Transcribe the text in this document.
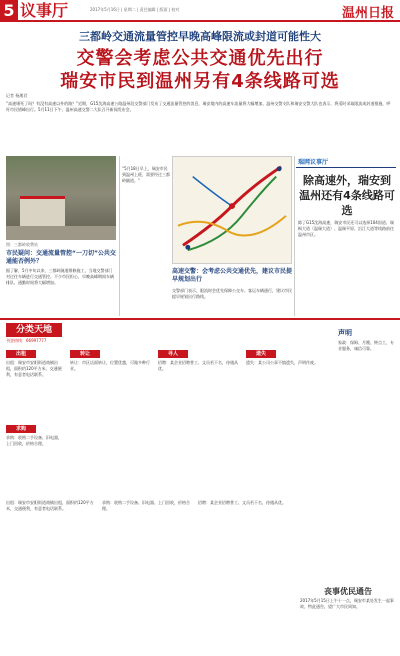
5 议事厅	2017年5月16日 | 星期二 | 责任编辑 | 版面 | 校对	温州日报
三都岭交通流量管控早晚高峰限流或封道可能性大
交警会考虑公共交通优先出行
瑞安市民到温州另有4条线路可选
记者 杨湘君
“高速堵死了吗？有没有高速以外的路？”近期，G15沈海高速公路温州段交警部门发布了交通流量管控的消息，瑞安境内的高速车流量将大幅增加。温州交警支队和瑞安交警大队也表示，将适时采取限流或封道措施，呼吁市民错峰出行。5月11日下午，温州高速交警二大队召开新闻发布会。
图：三都岭收费站
瑞网议事厅
除高速外，瑞安到温州还有4条线路可选
除了G15沈海高速，瑞安市民还可以选择104国道、瑞枫大道（温瑞大道）、温瑞平原、沿江大道等线路前往温州市区。
市民疑问：交通流量管控“一刀切”公共交通能否例外？
据了解，5月中旬以来，三都岭隧道维修施工，当地交警部门对过往车辆进行交通管控。不少市民担心，早晚高峰期间车辆排队，通勤时间将大幅增加。
“5月18日早上，瑞安市民到温州上班，需要经过三都岭隧道。”
高速交警：会考虑公共交通优先，建议市民提早规划出行
交警部门表示，限流时会优先保障公交车、客运车辆通行，建议市民提早规划出行路线。
分类天地
刊登热线：66997777
出租
出租：瑞安市安阳街道商铺出租，面积约120平方米，交通便利，有意者电话联系。
求购
求购：收购二手设备、旧电器，上门回收，价格合理。
转让
转让：市区店面转让，位置优越，可做多种行业。
寻人
招聘：某企业招聘普工、文员若干名，待遇从优。
遗失
遗失：某公司公章不慎遗失，声明作废。
声明
家政：保姆、月嫂、钟点工，专业服务，诚信可靠。
出租：瑞安市安阳街道商铺出租，面积约120平方米，交通便利，有意者电话联系。
求购：收购二手设备、旧电器，上门回收，价格合理。
招聘：某企业招聘普工、文员若干名，待遇从优。
丧事优民通告
2017年5月15日上午十一点，瑞安市某处发生一起事故，特此通告，望广大市民周知。
